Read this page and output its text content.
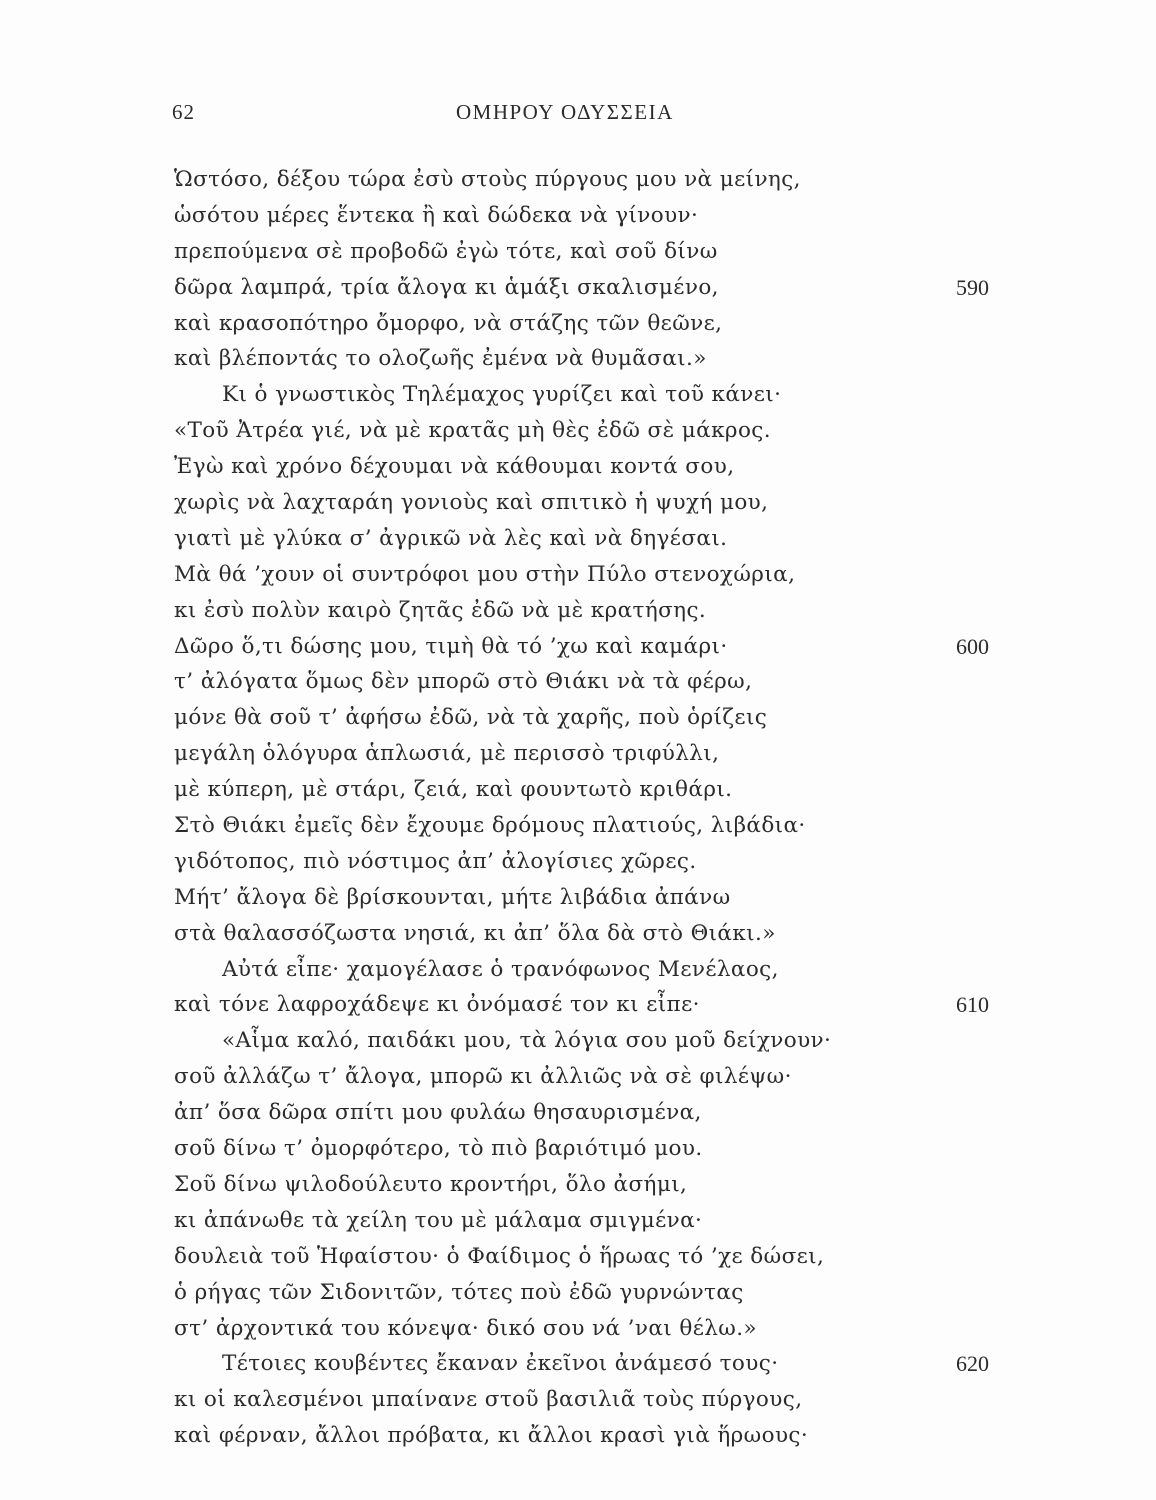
62	ΟΜΗΡΟΥ ΟΔΥΣΣΕΙΑ
Ὡστόσο, δέξου τώρα ἐσὺ στοὺς πύργους μου νὰ μείνης,
ὡσότου μέρες ἕντεκα ἢ καὶ δώδεκα νὰ γίνουν·
πρεπούμενα σὲ προβοδῶ ἐγὼ τότε, καὶ σοῦ δίνω
δῶρα λαμπρά, τρία ἄλογα κι ἁμάξι σκαλισμένο,	590
καὶ κρασοπότηρο ὄμορφο, νὰ στάζης τῶν θεῶνε,
καὶ βλέποντάς το ολοζωῆς ἐμένα νὰ θυμᾶσαι.»
Κι ὁ γνωστικὸς Τηλέμαχος γυρίζει καὶ τοῦ κάνει·
«Τοῦ Ἀτρέα γιέ, νὰ μὲ κρατᾶς μὴ θὲς ἐδῶ σὲ μάκρος.
Ἐγὼ καὶ χρόνο δέχουμαι νὰ κάθουμαι κοντά σου,
χωρὶς νὰ λαχταράη γονιοὺς καὶ σπιτικὸ ἡ ψυχή μου,
γιατὶ μὲ γλύκα σ’ ἀγρικῶ νὰ λὲς καὶ νὰ δηγέσαι.
Μὰ θά ’χουν οἱ συντρόφοι μου στὴν Πύλο στενοχώρια,
κι ἐσὺ πολὺν καιρὸ ζητᾶς ἐδῶ νὰ μὲ κρατήσης.
Δῶρο ὅ,τι δώσης μου, τιμὴ θὰ τό ’χω καὶ καμάρι·	600
τ’ ἀλόγατα ὅμως δὲν μπορῶ στὸ Θιάκι νὰ τὰ φέρω,
μόνε θὰ σοῦ τ’ ἀφήσω ἐδῶ, νὰ τὰ χαρῆς, ποὺ ὁρίζεις
μεγάλη ὁλόγυρα ἁπλωσιά, μὲ περισσὸ τριφύλλι,
μὲ κύπερη, μὲ στάρι, ζειά, καὶ φουντωτὸ κριθάρι.
Στὸ Θιάκι ἐμεῖς δὲν ἔχουμε δρόμους πλατιούς, λιβάδια·
γιδότοπος, πιὸ νόστιμος ἀπ’ ἀλογίσιες χῶρες.
Μήτ’ ἄλογα δὲ βρίσκουνται, μήτε λιβάδια ἀπάνω
στὰ θαλασσόζωστα νησιά, κι ἀπ’ ὅλα δὰ στὸ Θιάκι.»
Αὐτά εἶπε· χαμογέλασε ὁ τρανόφωνος Μενέλαος,
καὶ τόνε λαφροχάδεψε κι ὀνόμασέ τον κι εἶπε·	610
«Αἷμα καλό, παιδάκι μου, τὰ λόγια σου μοῦ δείχνουν·
σοῦ ἀλλάζω τ’ ἄλογα, μπορῶ κι ἀλλιῶς νὰ σὲ φιλέψω·
ἀπ’ ὅσα δῶρα σπίτι μου φυλάω θησαυρισμένα,
σοῦ δίνω τ’ ὀμορφότερο, τὸ πιὸ βαριότιμό μου.
Σοῦ δίνω ψιλοδούλευτο κροντήρι, ὅλο ἀσήμι,
κι ἀπάνωθε τὰ χείλη του μὲ μάλαμα σμιγμένα·
δουλειὰ τοῦ Ἡφαίστου· ὁ Φαίδιμος ὁ ἥρωας τό ’χε δώσει,
ὁ ρήγας τῶν Σιδονιτῶν, τότες ποὺ ἐδῶ γυρνώντας
στ’ ἀρχοντικά του κόνεψα· δικό σου νά ’ναι θέλω.»
Τέτοιες κουβέντες ἔκαναν ἐκεῖνοι ἀνάμεσό τους·	620
κι οἱ καλεσμένοι μπαίνανε στοῦ βασιλιᾶ τοὺς πύργους,
καὶ φέρναν, ἄλλοι πρόβατα, κι ἄλλοι κρασὶ γιὰ ἥρωους·
